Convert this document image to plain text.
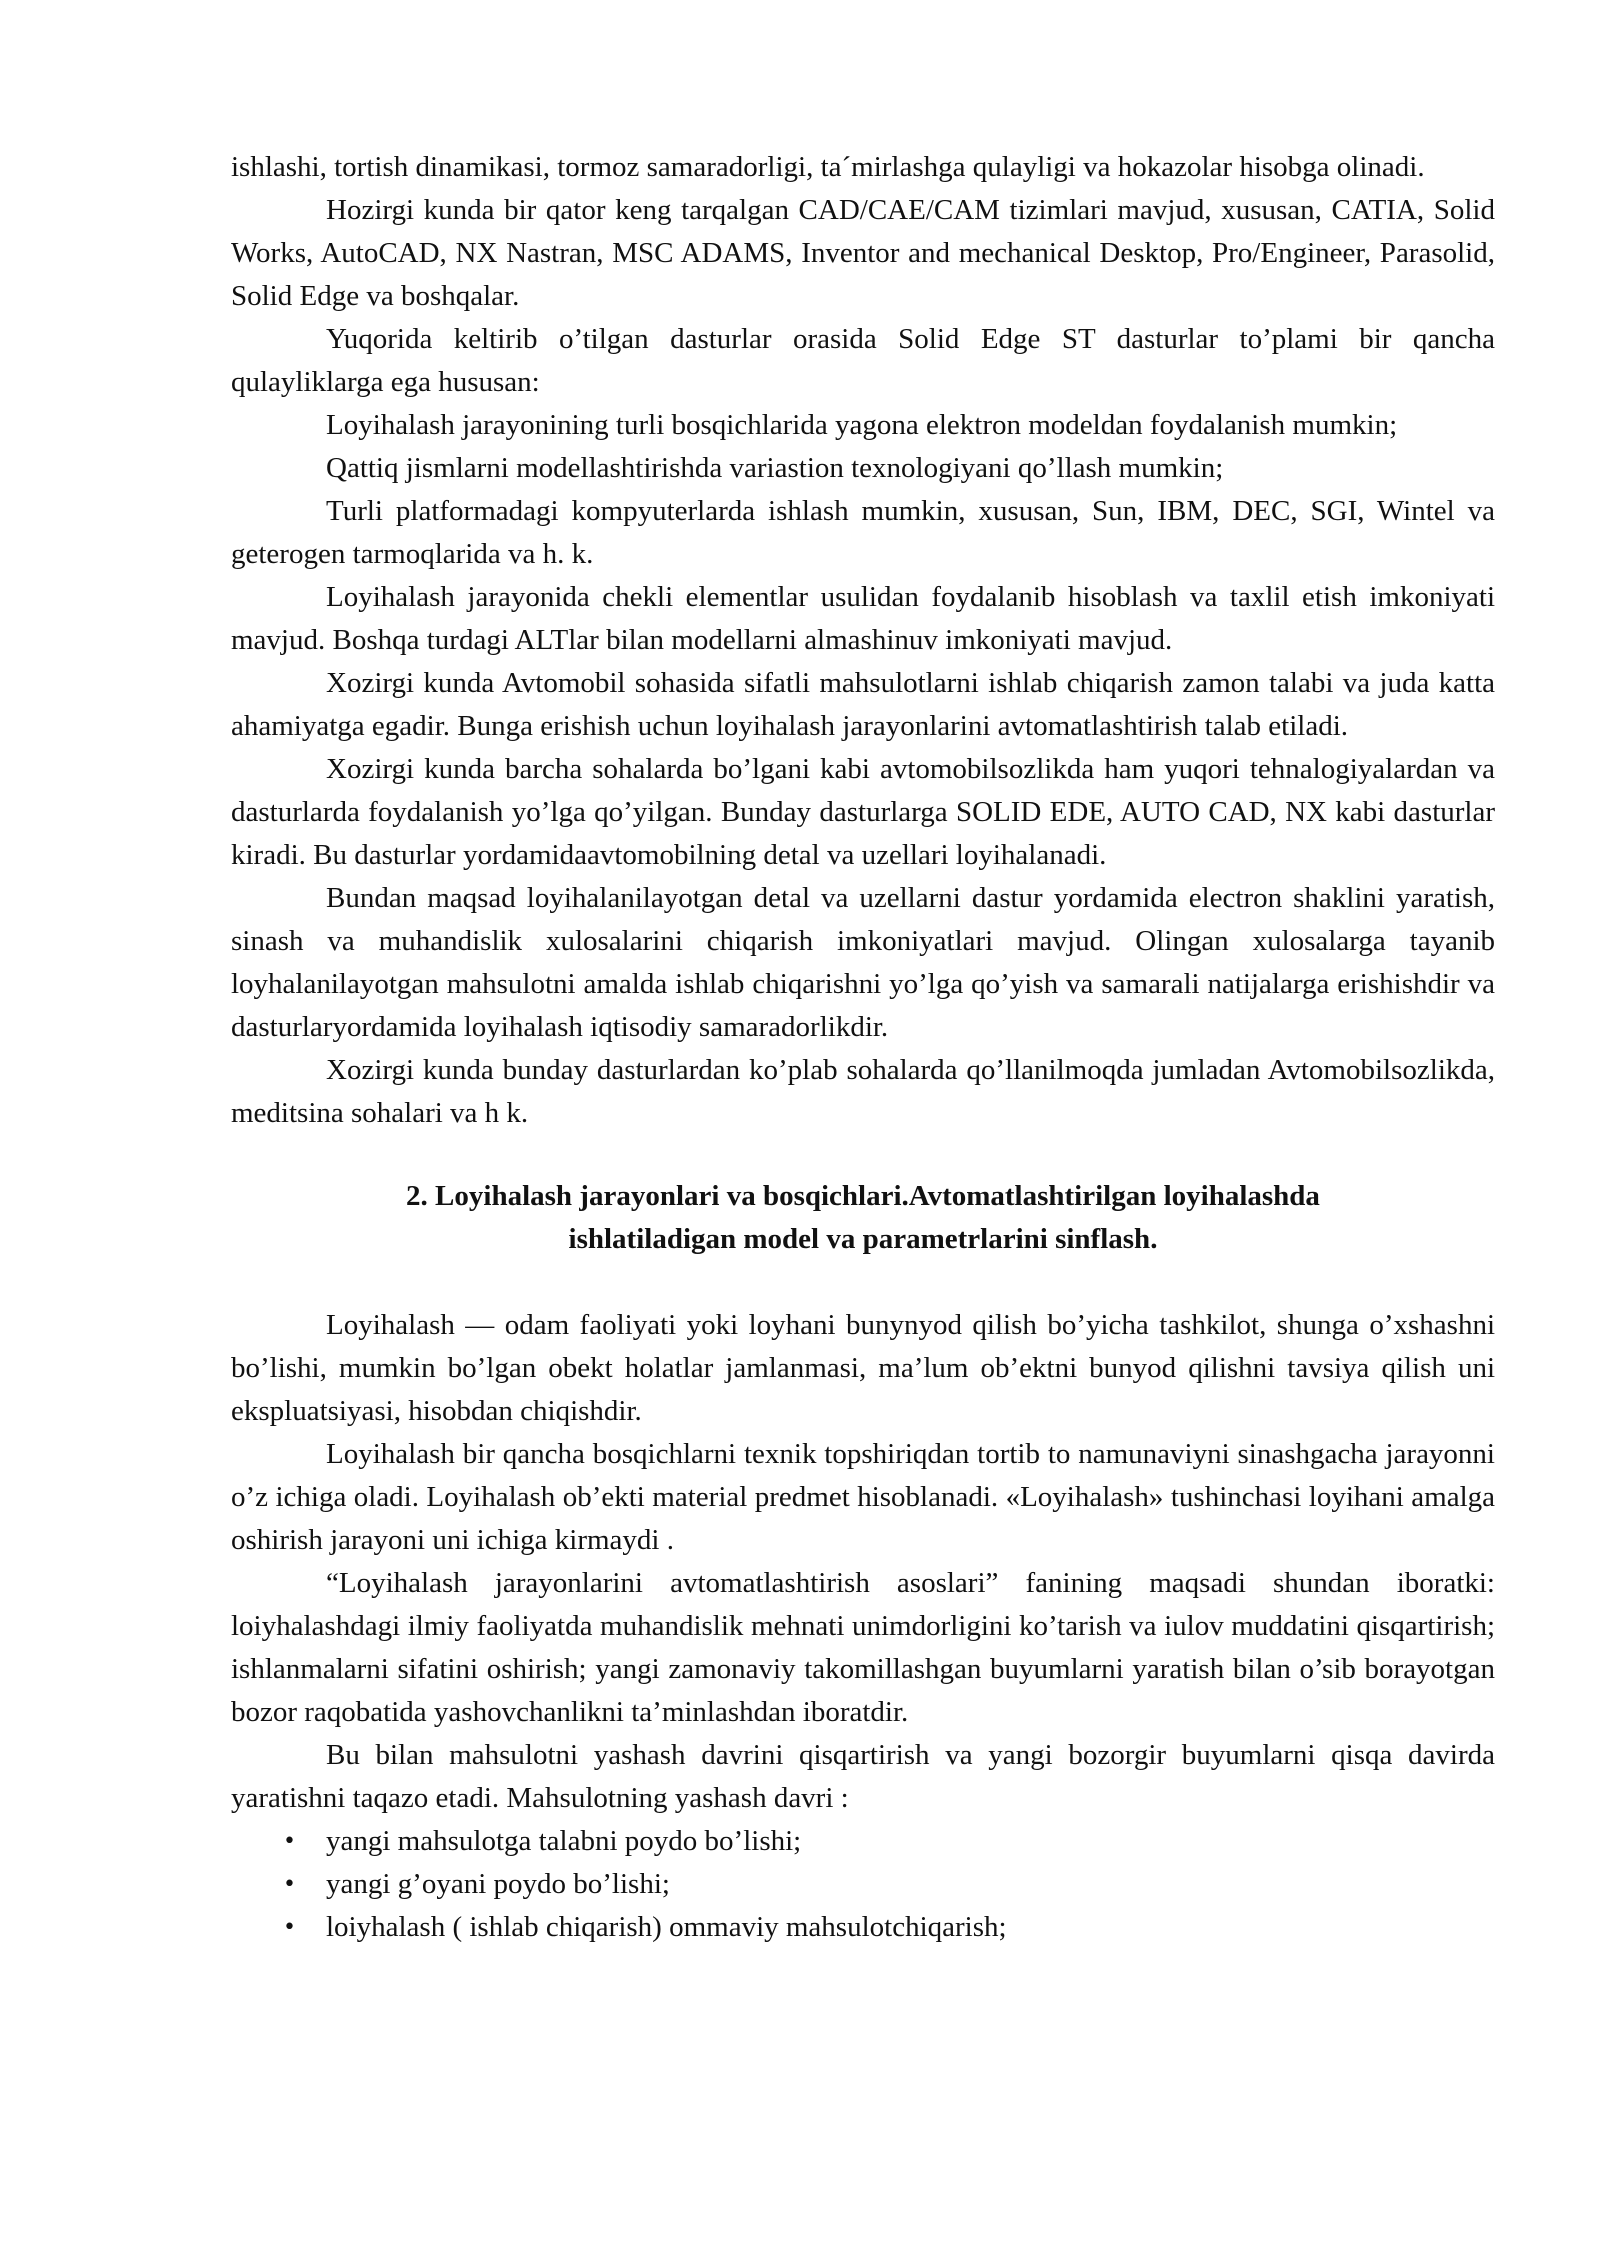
ishlashi, tortish dinamikasi, tormoz samaradorligi, ta´mirlashga qulayligi va hokazolar hisobga olinadi.

Hozirgi kunda bir qator keng tarqalgan CAD/CAE/CAM tizimlari mavjud, xususan, CATIA, Solid Works, AutoCAD, NX Nastran, MSC ADAMS, Inventor and mechanical Desktop, Pro/Engineer, Parasolid, Solid Edge va boshqalar.

Yuqorida keltirib o’tilgan dasturlar orasida Solid Edge ST dasturlar to’plami bir qancha qulayliklarga ega hususan:

Loyihalash jarayonining turli bosqichlarida yagona elektron modeldan foydalanish mumkin;

Qattiq jismlarni modellashtirishda variastion texnologiyani qo’llash mumkin;

Turli platformadagi kompyuterlarda ishlash mumkin, xususan, Sun, IBM, DEC, SGI, Wintel va geterogen tarmoqlarida va h. k.

Loyihalash jarayonida chekli elementlar usulidan foydalanib hisoblash va taxlil etish imkoniyati mavjud. Boshqa turdagi ALTlar bilan modellarni almashinuv imkoniyati mavjud.

Xozirgi kunda Avtomobil sohasida sifatli mahsulotlarni ishlab chiqarish zamon talabi va juda katta ahamiyatga egadir. Bunga erishish uchun loyihalash jarayonlarini avtomatlashtirish talab etiladi.

Xozirgi kunda barcha sohalarda bo’lgani kabi avtomobilsozlikda ham yuqori tehnalogiyalardan va dasturlarda foydalanish yo’lga qo’yilgan. Bunday dasturlarga SOLID EDE, AUTO CAD, NX kabi dasturlar kiradi. Bu dasturlar yordamidaavtomobilning detal va uzellari loyihalanadi.

Bundan maqsad loyihalanilayotgan detal va uzellarni dastur yordamida electron shaklini yaratish, sinash va muhandislik xulosalarini chiqarish imkoniyatlari mavjud. Olingan xulosalarga tayanib loyhalanilayotgan mahsulotni amalda ishlab chiqarishni yo’lga qo’yish va samarali natijalarga erishishdir va dasturlaryordamida loyihalash iqtisodiy samaradorlikdir.

Xozirgi kunda bunday dasturlardan ko’plab sohalarda qo’llanilmoqda jumladan Avtomobilsozlikda, meditsina sohalari va h k.

2. Loyihalash jarayonlari va bosqichlari.Avtomatlashtirilgan loyihalashda
ishlatiladigan model va parametrlarini sinflash.

Loyihalash — odam faoliyati yoki loyhani bunynyod qilish bo’yicha tashkilot, shunga o’xshashni bo’lishi, mumkin bo’lgan obekt holatlar jamlanmasi, ma’lum ob’ektni bunyod qilishni tavsiya qilish uni ekspluatsiyasi, hisobdan chiqishdir.

Loyihalash bir qancha bosqichlarni texnik topshiriqdan tortib to namunaviyni sinashgacha jarayonni o’z ichiga oladi. Loyihalash ob’ekti material predmet hisoblanadi. «Loyihalash» tushinchasi loyihani amalga oshirish jarayoni uni ichiga kirmaydi .

“Loyihalash jarayonlarini avtomatlashtirish asoslari” fanining maqsadi shundan iboratki: loiyhalashdagi ilmiy faoliyatda muhandislik mehnati unimdorligini ko’tarish va iulov muddatini qisqartirish; ishlanmalarni sifatini oshirish; yangi zamonaviy takomillashgan buyumlarni yaratish bilan o’sib borayotgan bozor raqobatida yashovchanlikni ta’minlashdan iboratdir.

Bu bilan mahsulotni yashash davrini qisqartirish va yangi bozorgir buyumlarni qisqa davirda yaratishni taqazo etadi. Mahsulotning yashash davri :

• yangi mahsulotga talabni poydo bo’lishi;
• yangi g’oyani poydo bo’lishi;
• loiyhalash ( ishlab chiqarish) ommaviy mahsulotchiqarish;
